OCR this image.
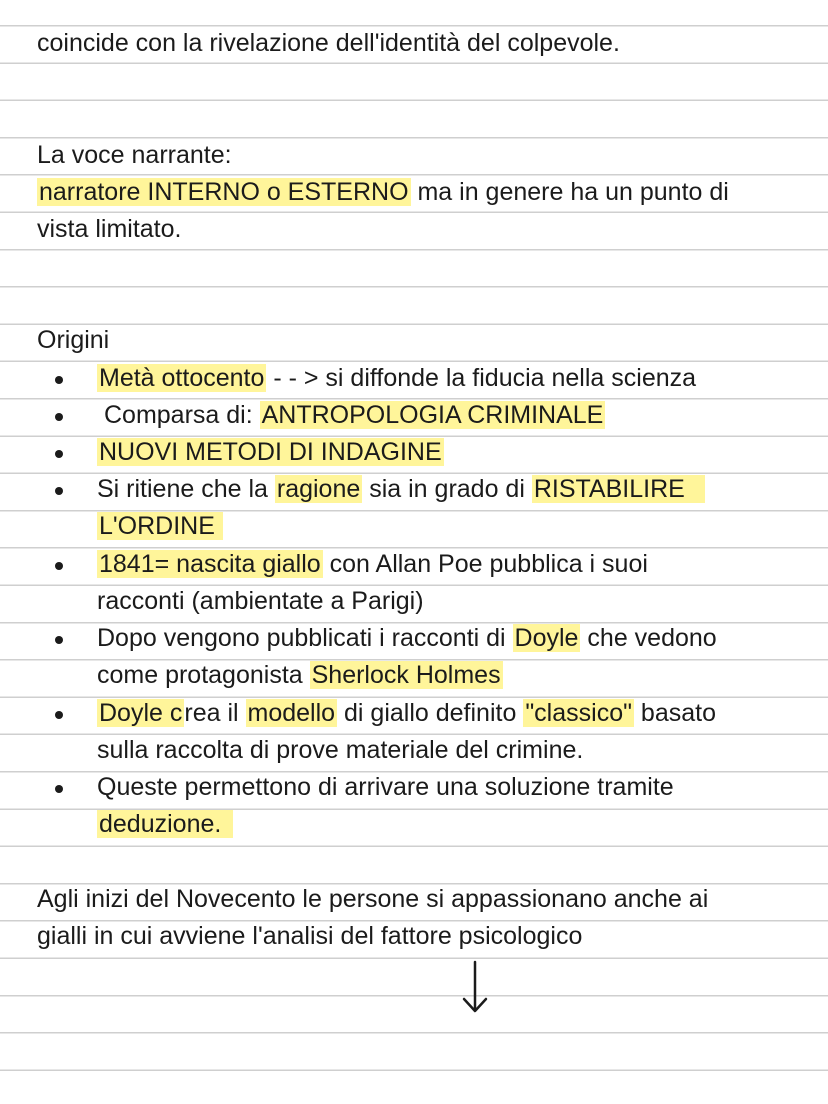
coincide con la rivelazione dell'identità del colpevole.
La voce narrante:
narratore INTERNO o ESTERNO ma in genere ha un punto di
vista limitato.
Origini
Metà ottocento - - > si diffonde la fiducia nella scienza
Comparsa di: ANTROPOLOGIA CRIMINALE
NUOVI METODI DI INDAGINE
Si ritiene che la ragione sia in grado di RISTABILIRE
L'ORDINE
1841= nascita giallo con Allan Poe pubblica i suoi
racconti (ambientate a Parigi)
Dopo vengono pubblicati i racconti di Doyle che vedono
come protagonista Sherlock Holmes
Doyle crea il modello di giallo definito "classico" basato
sulla raccolta di prove materiale del crimine.
Queste permettono di arrivare una soluzione tramite
deduzione.
Agli inizi del Novecento le persone si appassionano anche ai
gialli in cui avviene l'analisi del fattore psicologico
